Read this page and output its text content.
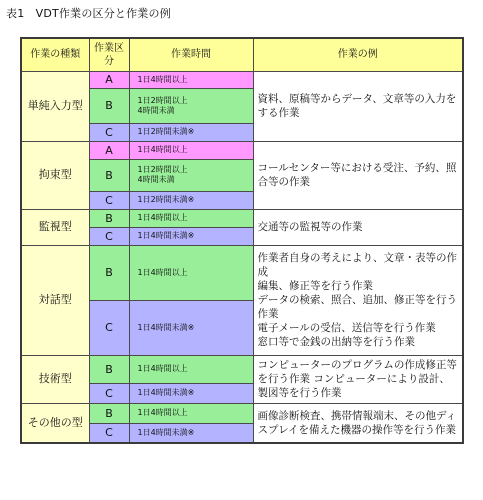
表1　VDT作業の区分と作業の例
作業の種類	作業区分	作業時間	作業の例

単純入力型	A	1日4時間以上	資料、原稿等からデータ、文章等の入力をする作業

	B	1日2時間以上
4時間未満	

	C	1日2時間未満※	

拘束型	A	1日4時間以上	コールセンター等における受注、予約、照合等の作業

	B	1日2時間以上
4時間未満	

	C	1日2時間未満※	

監視型	B	1日4時間以上	交通等の監視等の作業

	C	1日4時間未満※	

対話型	B	1日4時間以上	作業者自身の考えにより、文章・表等の作成
編集、修正等を行う作業
データの検索、照合、追加、修正等を行う作業
電子メールの受信、送信等を行う作業
窓口等で金銭の出納等を行う作業

	C	1日4時間未満※	

技術型	B	1日4時間以上	コンピューターのプログラムの作成修正等を行う作業 コンピューターにより設計、製図等を行う作業

	C	1日4時間未満※	

その他の型	B	1日4時間以上	画像診断検査、携帯情報端末、その他ディスプレイを備えた機器の操作等を行う作業

	C	1日4時間未満※	
